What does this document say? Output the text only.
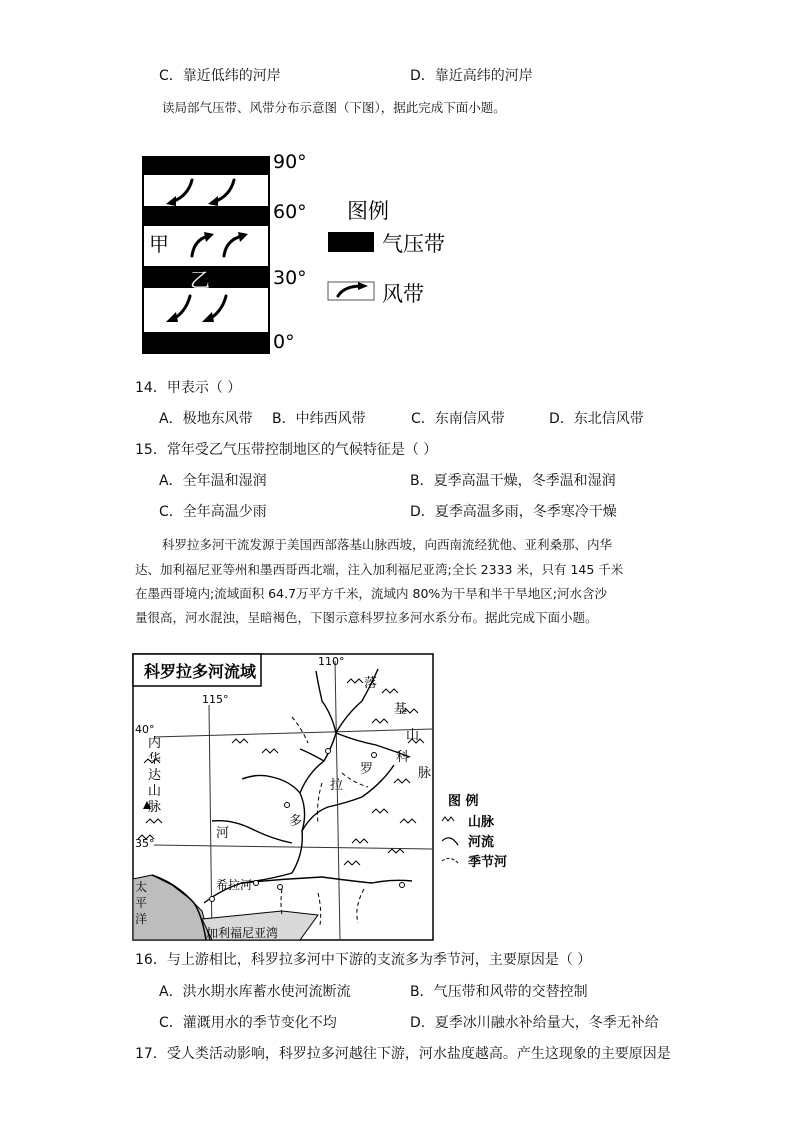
C．靠近低纬的河岸	D．靠近高纬的河岸
读局部气压带、风带分布示意图（下图），据此完成下面小题。
甲
乙
90°
60°
30°
0°
图例
气压带
风带
14．甲表示（ ）
A．极地东风带 B．中纬西风带	C．东南信风带	D．东北信风带
15．常年受乙气压带控制地区的气候特征是（ ）
A．全年温和湿润	B．夏季高温干燥，冬季温和湿润
C．全年高温少雨	D．夏季高温多雨，冬季寒冷干燥
科罗拉多河干流发源于美国西部落基山脉西坡，向西南流经犹他、亚利桑那、内华
达、加利福尼亚等州和墨西哥西北端，注入加利福尼亚湾;全长 2333 米，只有 145 千米
在墨西哥境内;流域面积 64.7万平方千米，流域内 80%为干旱和半干旱地区;河水含沙
量很高，河水混浊，呈暗褐色，下图示意科罗拉多河水系分布。据此完成下面小题。
科罗拉多河流域
115°
110°
40°
35°
内
华
达
山
脉
落
基
山
科
脉
罗
拉
多
河
希拉河
太
平
洋
加利福尼亚湾
图 例
山脉
河流
季节河
16．与上游相比，科罗拉多河中下游的支流多为季节河，主要原因是（ ）
A．洪水期水库蓄水使河流断流	B．气压带和风带的交替控制
C．灌溉用水的季节变化不均	D．夏季冰川融水补给量大，冬季无补给
17．受人类活动影响，科罗拉多河越往下游，河水盐度越高。产生这现象的主要原因是
